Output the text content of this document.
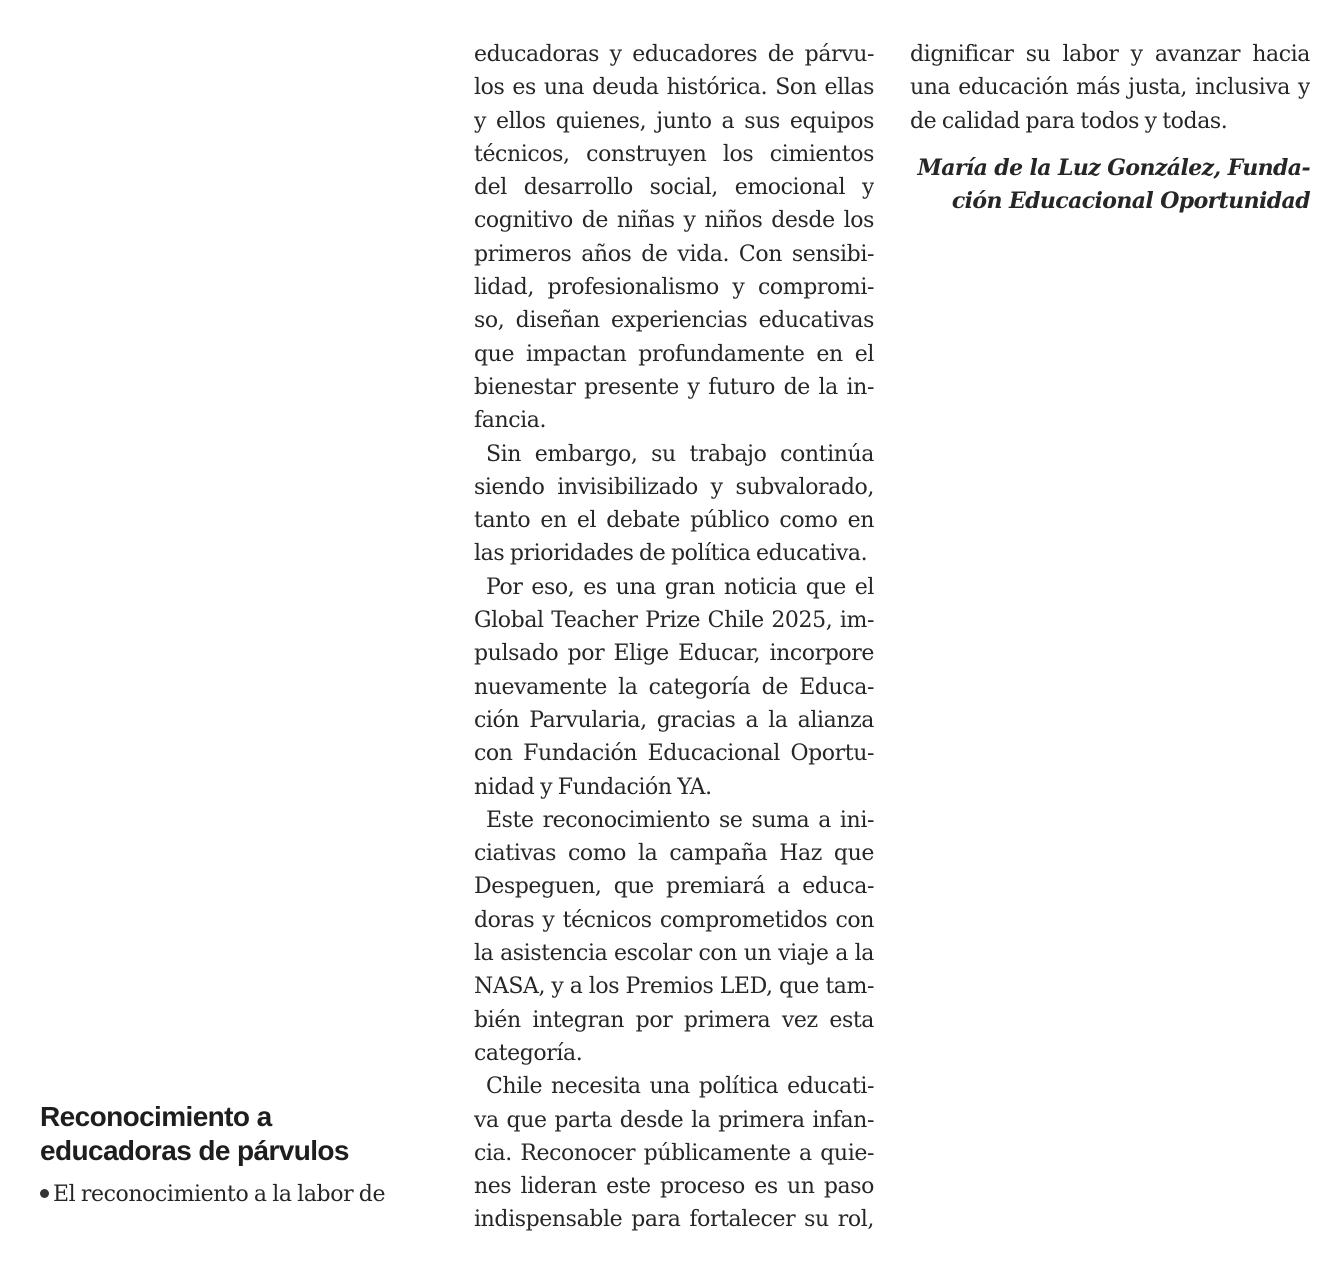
Reconocimiento a
educadoras de párvulos
El reconocimiento a la labor de
educadoras y educadores de párvu-
los es una deuda histórica. Son ellas
y ellos quienes, junto a sus equipos
técnicos, construyen los cimientos
del desarrollo social, emocional y
cognitivo de niñas y niños desde los
primeros años de vida. Con sensibi-
lidad, profesionalismo y compromi-
so, diseñan experiencias educativas
que impactan profundamente en el
bienestar presente y futuro de la in-
fancia.
Sin embargo, su trabajo continúa
siendo invisibilizado y subvalorado,
tanto en el debate público como en
las prioridades de política educativa.
Por eso, es una gran noticia que el
Global Teacher Prize Chile 2025, im-
pulsado por Elige Educar, incorpore
nuevamente la categoría de Educa-
ción Parvularia, gracias a la alianza
con Fundación Educacional Oportu-
nidad y Fundación YA.
Este reconocimiento se suma a ini-
ciativas como la campaña Haz que
Despeguen, que premiará a educa-
doras y técnicos comprometidos con
la asistencia escolar con un viaje a la
NASA, y a los Premios LED, que tam-
bién integran por primera vez esta
categoría.
Chile necesita una política educati-
va que parta desde la primera infan-
cia. Reconocer públicamente a quie-
nes lideran este proceso es un paso
indispensable para fortalecer su rol,
dignificar su labor y avanzar hacia
una educación más justa, inclusiva y
de calidad para todos y todas.
María de la Luz González, Funda-
ción Educacional Oportunidad
